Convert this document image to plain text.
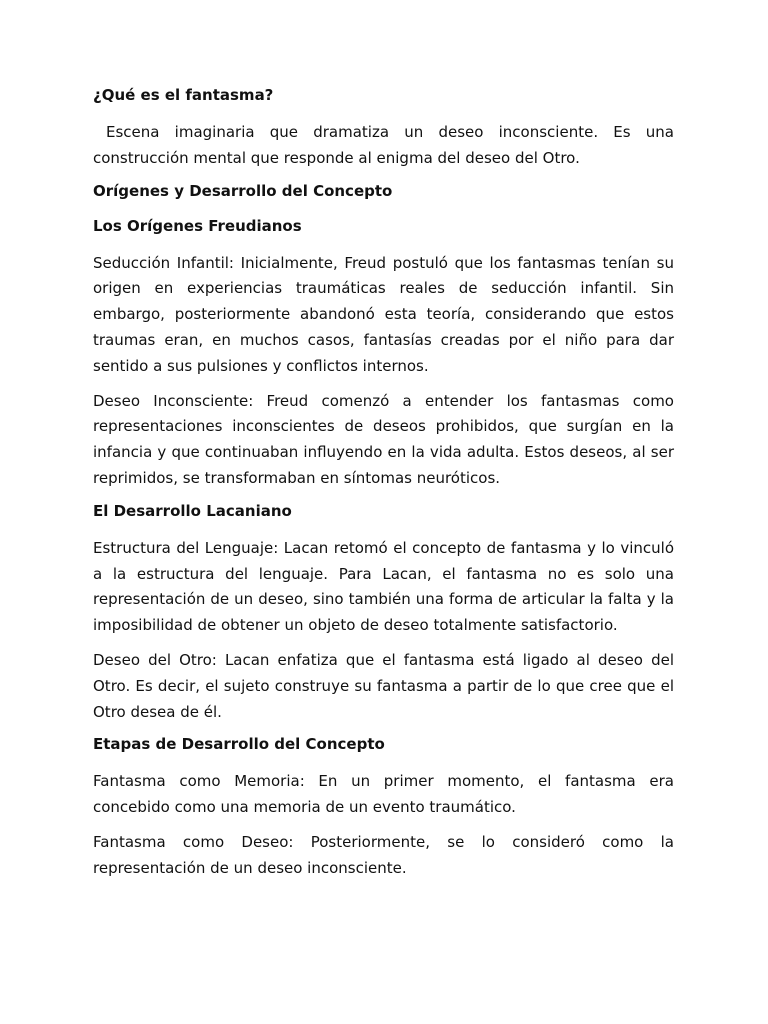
¿Qué es el fantasma?
Escena imaginaria que dramatiza un deseo inconsciente. Es una construcción mental que responde al enigma del deseo del Otro.
Orígenes y Desarrollo del Concepto
Los Orígenes Freudianos
Seducción Infantil: Inicialmente, Freud postuló que los fantasmas tenían su origen en experiencias traumáticas reales de seducción infantil. Sin embargo, posteriormente abandonó esta teoría, considerando que estos traumas eran, en muchos casos, fantasías creadas por el niño para dar sentido a sus pulsiones y conflictos internos.
Deseo Inconsciente: Freud comenzó a entender los fantasmas como representaciones inconscientes de deseos prohibidos, que surgían en la infancia y que continuaban influyendo en la vida adulta. Estos deseos, al ser reprimidos, se transformaban en síntomas neuróticos.
El Desarrollo Lacaniano
Estructura del Lenguaje: Lacan retomó el concepto de fantasma y lo vinculó a la estructura del lenguaje. Para Lacan, el fantasma no es solo una representación de un deseo, sino también una forma de articular la falta y la imposibilidad de obtener un objeto de deseo totalmente satisfactorio.
Deseo del Otro: Lacan enfatiza que el fantasma está ligado al deseo del Otro. Es decir, el sujeto construye su fantasma a partir de lo que cree que el Otro desea de él.
Etapas de Desarrollo del Concepto
Fantasma como Memoria: En un primer momento, el fantasma era concebido como una memoria de un evento traumático.
Fantasma como Deseo: Posteriormente, se lo consideró como la representación de un deseo inconsciente.
